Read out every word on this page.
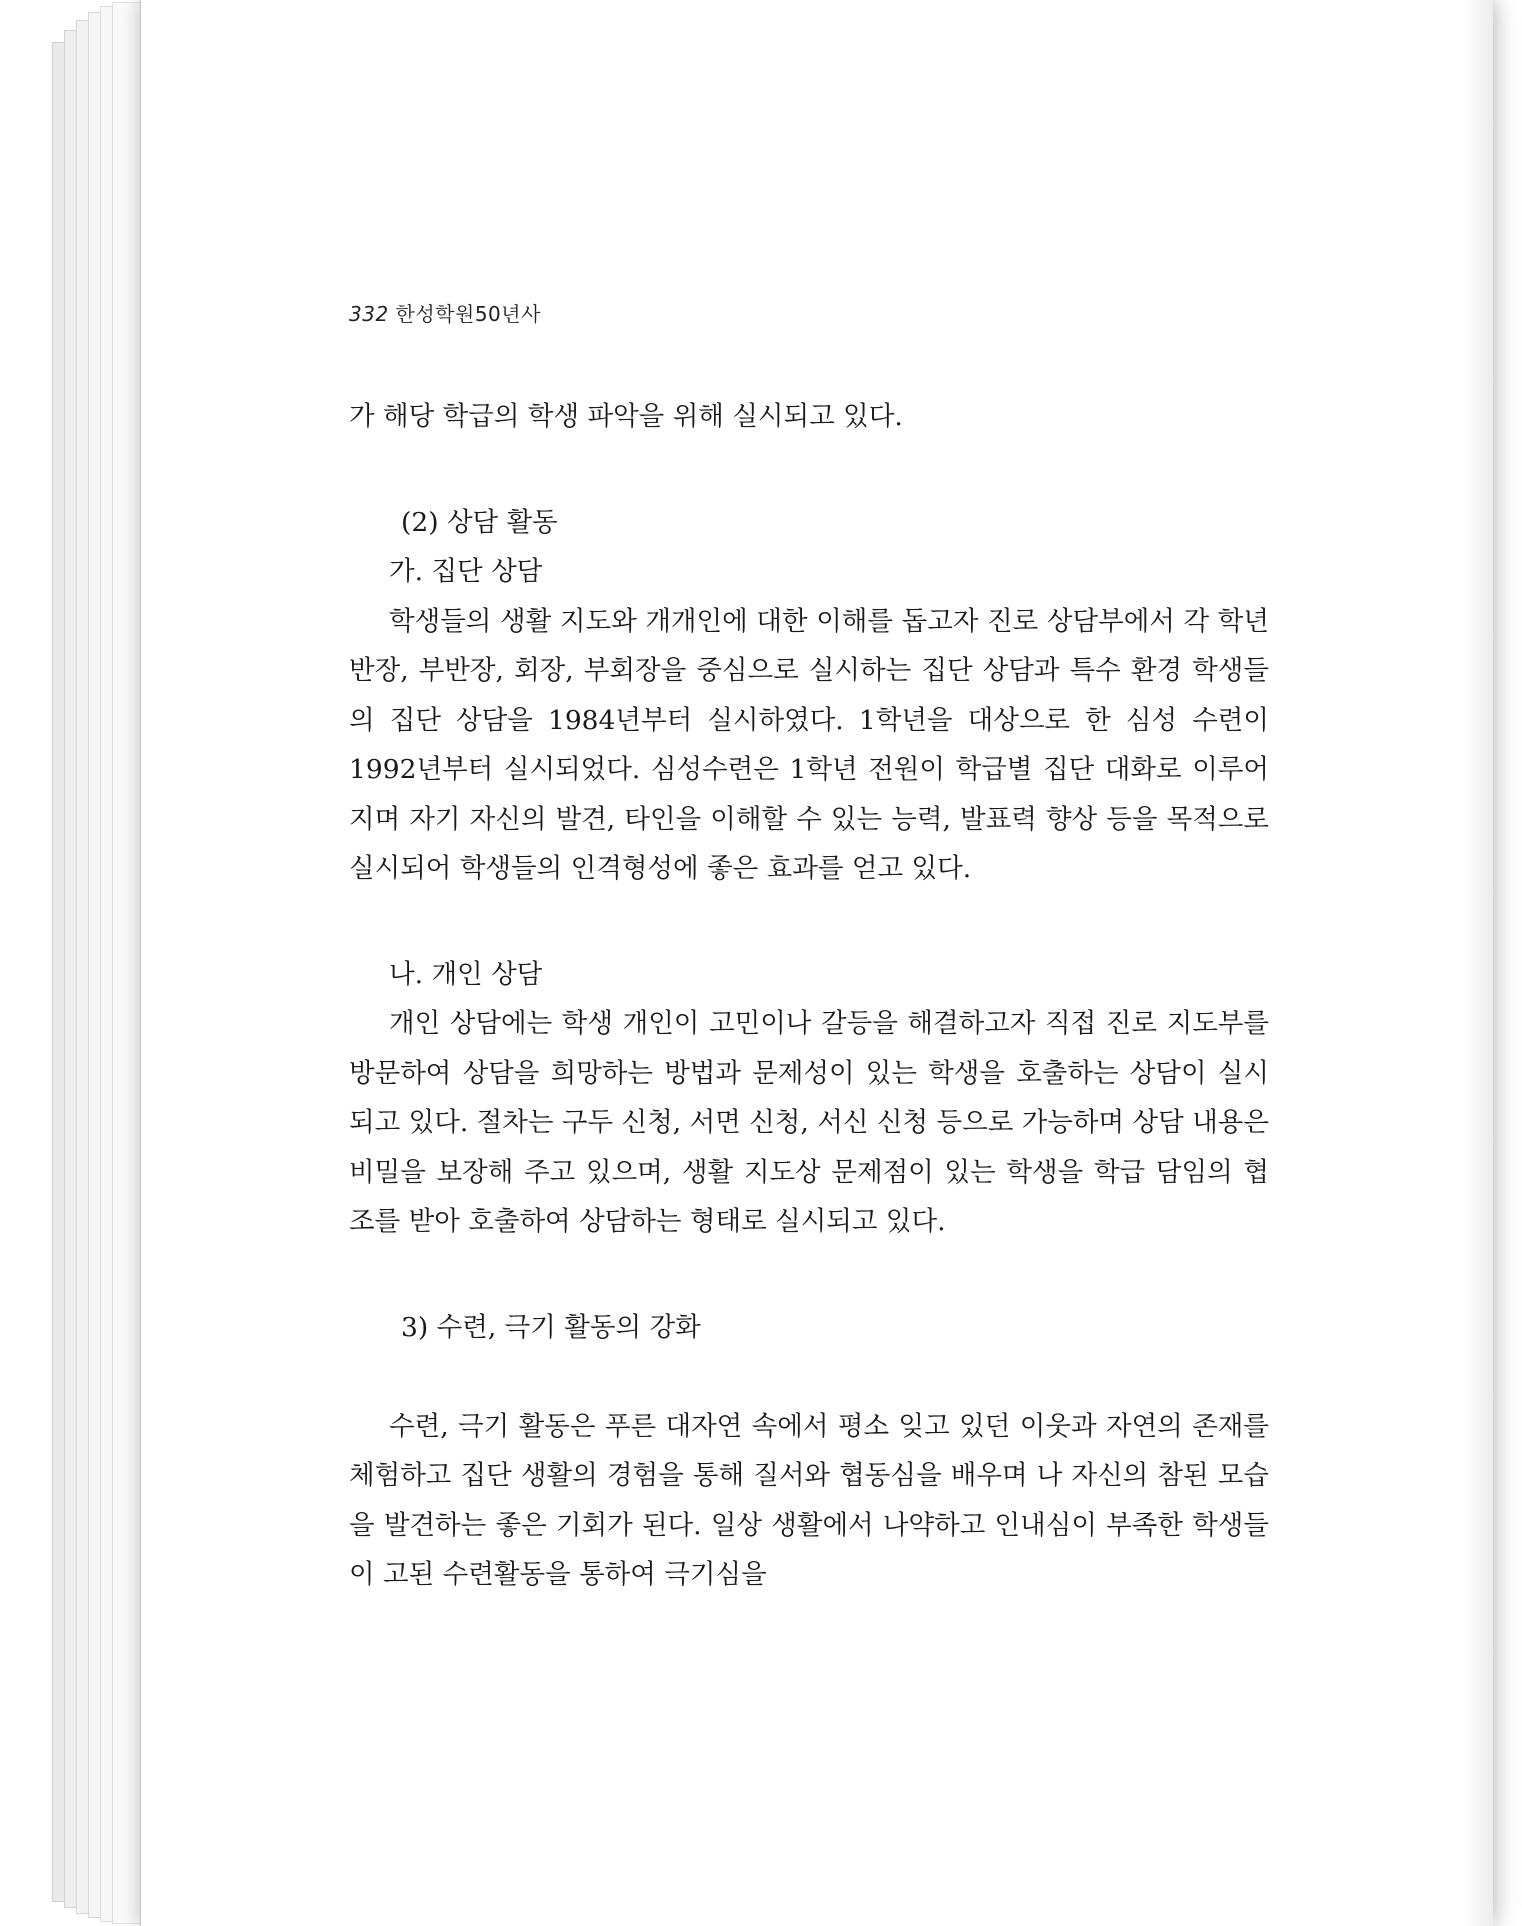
332 한성학원50년사

가 해당 학급의 학생 파악을 위해 실시되고 있다.

(2) 상담 활동

가. 집단 상담

학생들의 생활 지도와 개개인에 대한 이해를 돕고자 진로 상담부에서 각 학년 반장, 부반장, 회장, 부회장을 중심으로 실시하는 집단 상담과 특수 환경 학생들의 집단 상담을 1984년부터 실시하였다. 1학년을 대상으로 한 심성 수련이 1992년부터 실시되었다. 심성수련은 1학년 전원이 학급별 집단 대화로 이루어지며 자기 자신의 발견, 타인을 이해할 수 있는 능력, 발표력 향상 등을 목적으로 실시되어 학생들의 인격형성에 좋은 효과를 얻고 있다.

나. 개인 상담

개인 상담에는 학생 개인이 고민이나 갈등을 해결하고자 직접 진로 지도부를 방문하여 상담을 희망하는 방법과 문제성이 있는 학생을 호출하는 상담이 실시되고 있다. 절차는 구두 신청, 서면 신청, 서신 신청 등으로 가능하며 상담 내용은 비밀을 보장해 주고 있으며, 생활 지도상 문제점이 있는 학생을 학급 담임의 협조를 받아 호출하여 상담하는 형태로 실시되고 있다.

3) 수련, 극기 활동의 강화

수련, 극기 활동은 푸른 대자연 속에서 평소 잊고 있던 이웃과 자연의 존재를 체험하고 집단 생활의 경험을 통해 질서와 협동심을 배우며 나 자신의 참된 모습을 발견하는 좋은 기회가 된다. 일상 생활에서 나약하고 인내심이 부족한 학생들이 고된 수련활동을 통하여 극기심을
